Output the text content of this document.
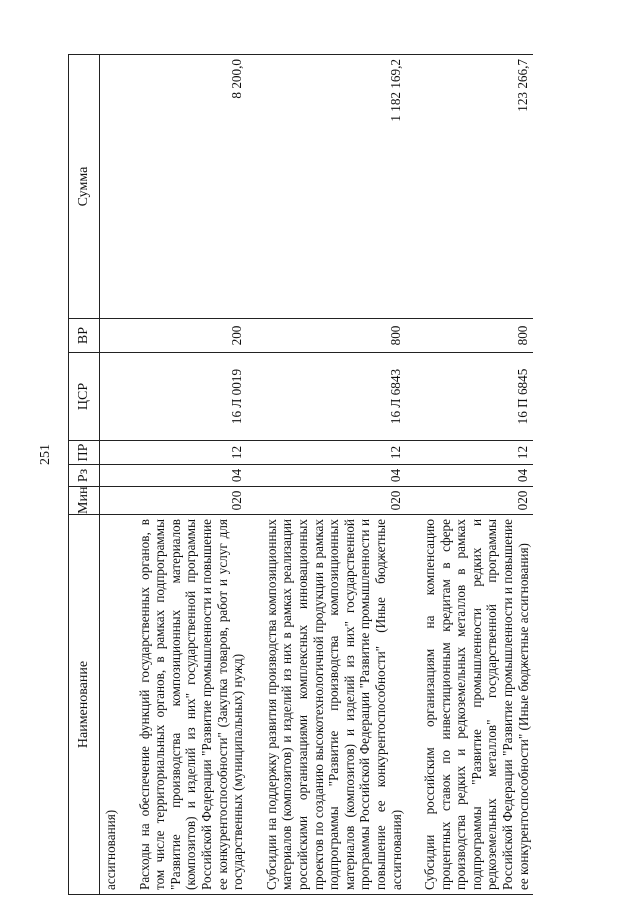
251
Наименование	Мин	Рз	ПР	ЦСР	ВР	Сумма
ассигнования)						

Расходы на обеспечение функций государственных органов, в том числе территориальных органов, в рамках подпрограммы "Развитие производства композиционных материалов (композитов) и изделий из них" государственной программы Российской Федерации "Развитие промышленности и повышение ее конкурентоспособности" (Закупка товаров, работ и услуг для государственных (муниципальных) нужд)	020	04	12	16 Л 0019	200	8 200,0

Субсидии на поддержку развития производства композиционных материалов (композитов) и изделий из них в рамках реализации российскими организациями комплексных инновационных проектов по созданию высокотехнологичной продукции в рамках подпрограммы "Развитие производства композиционных материалов (композитов) и изделий из них" государственной программы Российской Федерации "Развитие промышленности и повышение ее конкурентоспособности" (Иные бюджетные ассигнования)	020	04	12	16 Л 6843	800	1 182 169,2

Субсидии российским организациям на компенсацию процентных ставок по инвестиционным кредитам в сфере производства редких и редкоземельных металлов в рамках подпрограммы "Развитие промышленности редких и редкоземельных металлов" государственной программы Российской Федерации "Развитие промышленности и повышение ее конкурентоспособности" (Иные бюджетные ассигнования)	020	04	12	16 П 6845	800	123 266,7
